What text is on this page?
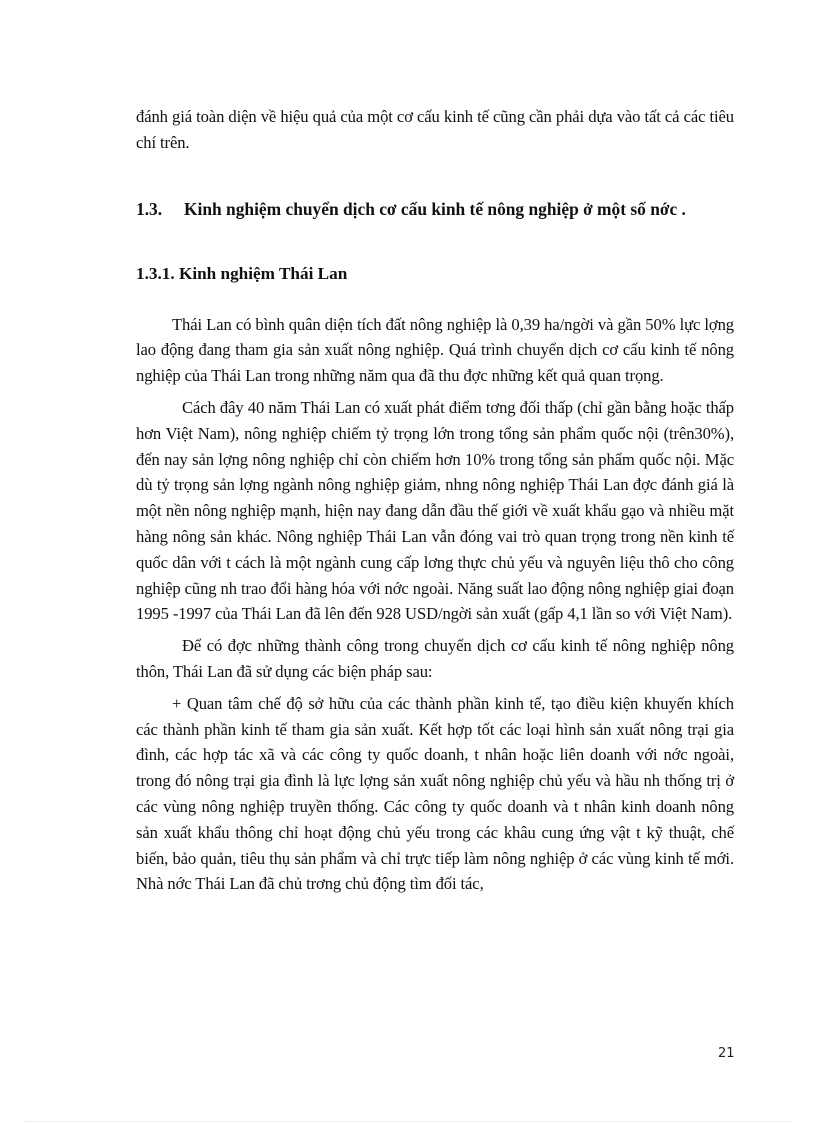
đánh giá toàn diện về hiệu quả của một cơ cấu kinh tế cũng cần phải dựa vào tất cả các tiêu chí trên.

1.3.	Kinh nghiệm chuyển dịch cơ cấu kinh tế nông nghiệp ở một số nớc .
1.3.1. Kinh nghiệm Thái Lan

Thái Lan có bình quân diện tích đất nông nghiệp là 0,39 ha/ngời và gần 50% lực lợng lao động đang tham gia sản xuất nông nghiệp. Quá trình chuyển dịch cơ cấu kinh tế nông nghiệp của Thái Lan trong những năm qua đã thu đợc những kết quả quan trọng.

Cách đây 40 năm Thái Lan có xuất phát điểm tơng đối thấp (chỉ gần bằng hoặc thấp hơn Việt Nam), nông nghiệp chiếm tỷ trọng lớn trong tổng sản phẩm quốc nội (trên30%), đến nay sản lợng nông nghiệp chỉ còn chiếm hơn 10% trong tổng sản phẩm quốc nội. Mặc dù tỷ trọng sản lợng ngành nông nghiệp giảm, nhng nông nghiệp Thái Lan đợc đánh giá là một nền nông nghiệp mạnh, hiện nay đang dẫn đầu thế giới về xuất khẩu gạo và nhiều mặt hàng nông sản khác. Nông nghiệp Thái Lan vẫn đóng vai trò quan trọng trong nền kinh tế quốc dân với t cách là một ngành cung cấp lơng thực chủ yếu và nguyên liệu thô cho công nghiệp cũng nh trao đổi hàng hóa với nớc ngoài. Năng suất lao động nông nghiệp giai đoạn 1995 -1997 của Thái Lan đã lên đến 928 USD/ngời sản xuất (gấp 4,1 lần so với Việt Nam).

Để có đợc những thành công trong chuyển dịch cơ cấu kinh tế nông nghiệp nông thôn, Thái Lan đã sử dụng các biện pháp sau:

+ Quan tâm chế độ sở hữu của các thành phần kinh tế, tạo điều kiện khuyến khích các thành phần kinh tế tham gia sản xuất. Kết hợp tốt các loại hình sản xuất nông trại gia đình, các hợp tác xã và các công ty quốc doanh, t nhân hoặc liên doanh với nớc ngoài, trong đó nông trại gia đình là lực lợng sản xuất nông nghiệp chủ yếu và hầu nh thống trị ở các vùng nông nghiệp truyền thống. Các công ty quốc doanh và t nhân kinh doanh nông sản xuất khẩu thông chỉ hoạt động chủ yếu trong các khâu cung ứng vật t kỹ thuật, chế biến, bảo quản, tiêu thụ sản phẩm và chỉ trực tiếp làm nông nghiệp ở các vùng kinh tế mới. Nhà nớc Thái Lan đã chủ trơng chủ động tìm đối tác,

21
